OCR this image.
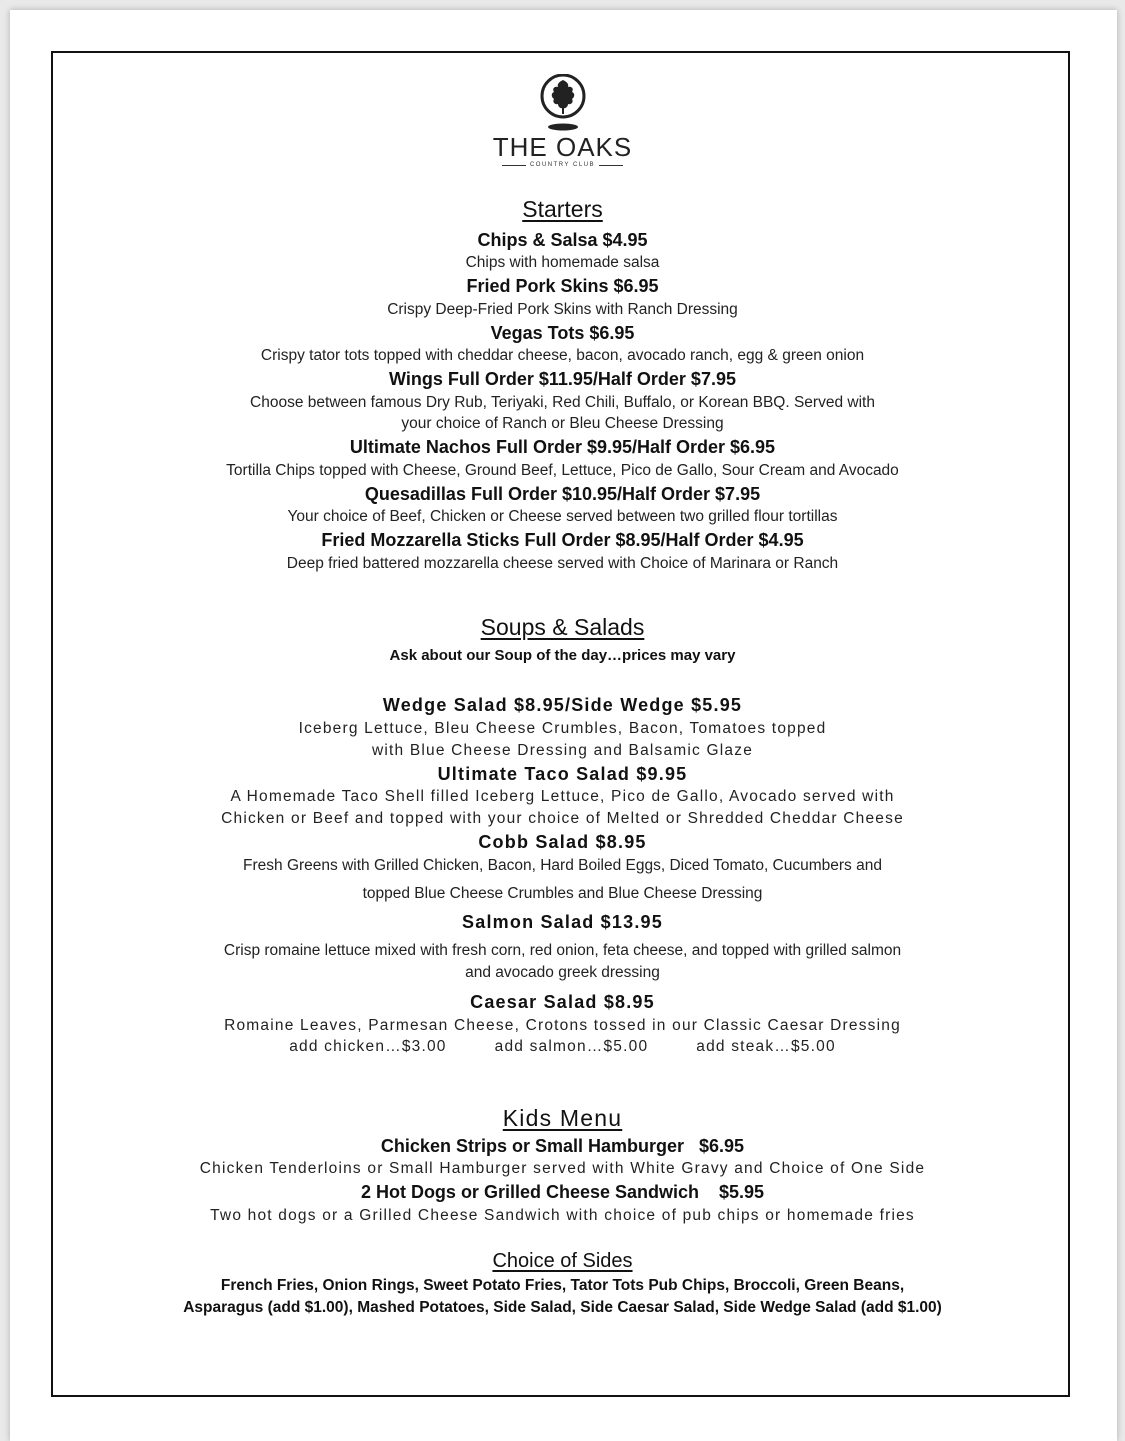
THE OAKS
COUNTRY CLUB
Starters
Chips & Salsa $4.95
Chips with homemade salsa
Fried Pork Skins $6.95
Crispy Deep-Fried Pork Skins with Ranch Dressing
Vegas Tots $6.95
Crispy tator tots topped with cheddar cheese, bacon, avocado ranch, egg & green onion
Wings Full Order $11.95/Half Order $7.95
Choose between famous Dry Rub, Teriyaki, Red Chili, Buffalo, or Korean BBQ. Served with
your choice of Ranch or Bleu Cheese Dressing
Ultimate Nachos Full Order $9.95/Half Order $6.95
Tortilla Chips topped with Cheese, Ground Beef, Lettuce, Pico de Gallo, Sour Cream and Avocado
Quesadillas Full Order $10.95/Half Order $7.95
Your choice of Beef, Chicken or Cheese served between two grilled flour tortillas
Fried Mozzarella Sticks Full Order $8.95/Half Order $4.95
Deep fried battered mozzarella cheese served with Choice of Marinara or Ranch
Soups & Salads
Ask about our Soup of the day…prices may vary
Wedge Salad $8.95/Side Wedge $5.95
Iceberg Lettuce, Bleu Cheese Crumbles, Bacon, Tomatoes topped
with Blue Cheese Dressing and Balsamic Glaze
Ultimate Taco Salad $9.95
A Homemade Taco Shell filled Iceberg Lettuce, Pico de Gallo, Avocado served with
Chicken or Beef and topped with your choice of Melted or Shredded Cheddar Cheese
Cobb Salad $8.95
Fresh Greens with Grilled Chicken, Bacon, Hard Boiled Eggs, Diced Tomato, Cucumbers and
topped Blue Cheese Crumbles and Blue Cheese Dressing
Salmon Salad $13.95
Crisp romaine lettuce mixed with fresh corn, red onion, feta cheese, and topped with grilled salmon
and avocado greek dressing
Caesar Salad $8.95
Romaine Leaves, Parmesan Cheese, Crotons tossed in our Classic Caesar Dressing
add chicken…$3.00	add salmon…$5.00	add steak…$5.00
Kids Menu
Chicken Strips or Small Hamburger   $6.95
Chicken Tenderloins or Small Hamburger served with White Gravy and Choice of One Side
2 Hot Dogs or Grilled Cheese Sandwich    $5.95
Two hot dogs or a Grilled Cheese Sandwich with choice of pub chips or homemade fries
Choice of Sides
French Fries, Onion Rings, Sweet Potato Fries, Tator Tots Pub Chips, Broccoli, Green Beans,
Asparagus (add $1.00), Mashed Potatoes, Side Salad, Side Caesar Salad, Side Wedge Salad (add $1.00)
